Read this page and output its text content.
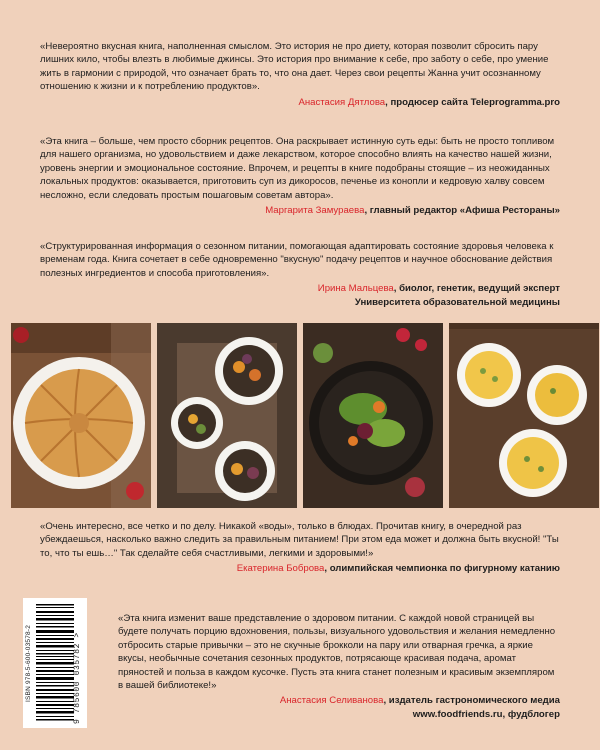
«Невероятно вкусная книга, наполненная смыслом. Это история не про диету, которая позволит сбросить пару лишних кило, чтобы влезть в любимые джинсы. Это история про внимание к себе, про заботу о себе, про умение жить в гармонии с природой, что означает брать то, что она дает. Через свои рецепты Жанна учит осознанному отношению к жизни и к потреблению продуктов».

Анастасия Дятлова, продюсер сайта Teleprogramma.pro

«Эта книга – больше, чем просто сборник рецептов. Она раскрывает истинную суть еды: быть не просто топливом для нашего организма, но удовольствием и даже лекарством, которое способно влиять на качество нашей жизни, уровень энергии и эмоциональное состояние. Впрочем, и рецепты в книге подобраны стоящие – из неожиданных локальных продуктов: оказывается, приготовить суп из дикоросов, печенье из конопли и кедровую халву совсем несложно, если следовать простым пошаговым советам автора».

Маргарита Замураева, главный редактор «Афиша Рестораны»

«Структурированная информация о сезонном питании, помогающая адаптировать состояние здоровья человека к временам года. Книга сочетает в себе одновременно "вкусную" подачу рецептов и научное обоснование действия полезных ингредиентов и способа приготовления».

Ирина Мальцева, биолог, генетик, ведущий эксперт
Университета образовательной медицины

«Очень интересно, все четко и по делу. Никакой «воды», только в блюдах. Прочитав книгу, в очередной раз убеждаешься, насколько важно следить за правильным питанием! При этом еда может и должна быть вкусной! "Ты то, что ты ешь…" Так сделайте себя счастливыми, легкими и здоровыми!»

Екатерина Боброва, олимпийская чемпионка по фигурному катанию
ISBN 978-5-600-03578-2	9 785600 035782 >

«Эта книга изменит ваше представление о здоровом питании. С каждой новой страницей вы будете получать порцию вдохновения, пользы, визуального удовольствия и желания немедленно отбросить старые привычки – это не скучные брокколи на пару или отварная гречка, а яркие вкусы, необычные сочетания сезонных продуктов, потрясающе красивая подача, аромат пряностей и польза в каждом кусочке. Пусть эта книга станет полезным и красивым экземпляром в вашей библиотеке!»

Анастасия Селиванова, издатель гастрономического медиа
www.foodfriends.ru, фудблогер
